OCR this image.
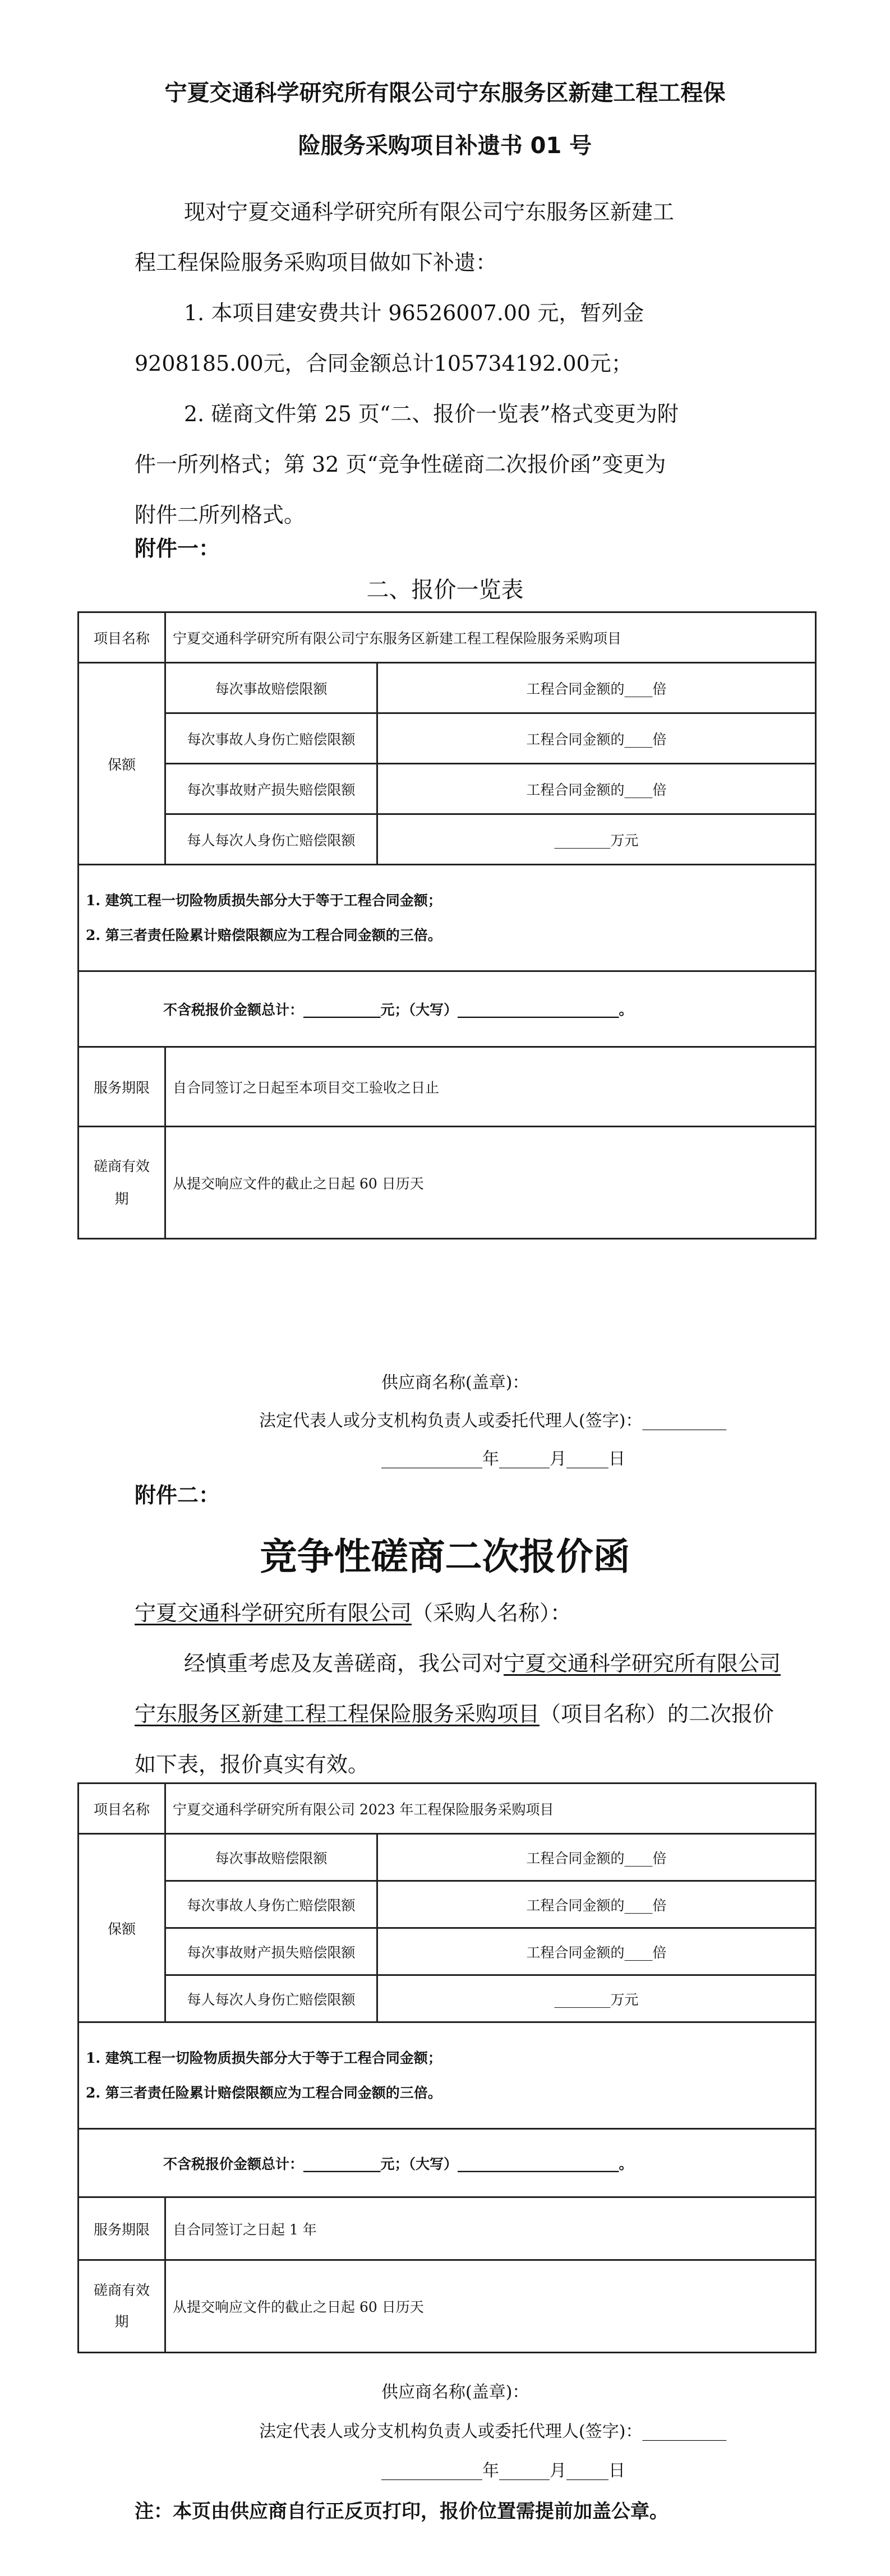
宁夏交通科学研究所有限公司宁东服务区新建工程工程保
险服务采购项目补遗书 01 号
现对宁夏交通科学研究所有限公司宁东服务区新建工
程工程保险服务采购项目做如下补遗：
1. 本项目建安费共计 96526007.00 元，暂列金
9208185.00元，合同金额总计105734192.00元；
2. 磋商文件第 25 页“二、报价一览表”格式变更为附
件一所列格式；第 32 页“竞争性磋商二次报价函”变更为
附件二所列格式。
附件一：
二、报价一览表
项目名称	宁夏交通科学研究所有限公司宁东服务区新建工程工程保险服务采购项目	
保额	每次事故赔偿限额	工程合同金额的____倍
	每次事故人身伤亡赔偿限额	工程合同金额的____倍
	每次事故财产损失赔偿限额	工程合同金额的____倍
	每人每次人身伤亡赔偿限额	________万元

1. 建筑工程一切险物质损失部分大于等于工程合同金额；
2. 第三者责任险累计赔偿限额应为工程合同金额的三倍。		

不含税报价金额总计：___________元；（大写）_______________________。		
服务期限	自合同签订之日起至本项目交工验收之日止	

磋商有效
期	从提交响应文件的截止之日起 60 日历天	
供应商名称(盖章)：
法定代表人或分支机构负责人或委托代理人(签字)：__________
____________年______月_____日
附件二：
竞争性磋商二次报价函
宁夏交通科学研究所有限公司（采购人名称）：
经慎重考虑及友善磋商，我公司对宁夏交通科学研究所有限公司
宁东服务区新建工程工程保险服务采购项目（项目名称）的二次报价
如下表，报价真实有效。
项目名称	宁夏交通科学研究所有限公司 2023 年工程保险服务采购项目	
保额	每次事故赔偿限额	工程合同金额的____倍
	每次事故人身伤亡赔偿限额	工程合同金额的____倍
	每次事故财产损失赔偿限额	工程合同金额的____倍
	每人每次人身伤亡赔偿限额	________万元

1. 建筑工程一切险物质损失部分大于等于工程合同金额；
2. 第三者责任险累计赔偿限额应为工程合同金额的三倍。		

不含税报价金额总计：___________元；（大写）_______________________。		
服务期限	自合同签订之日起 1 年	

磋商有效
期	从提交响应文件的截止之日起 60 日历天	
供应商名称(盖章)：
法定代表人或分支机构负责人或委托代理人(签字)：__________
____________年______月_____日
注：本页由供应商自行正反页打印，报价位置需提前加盖公章。
